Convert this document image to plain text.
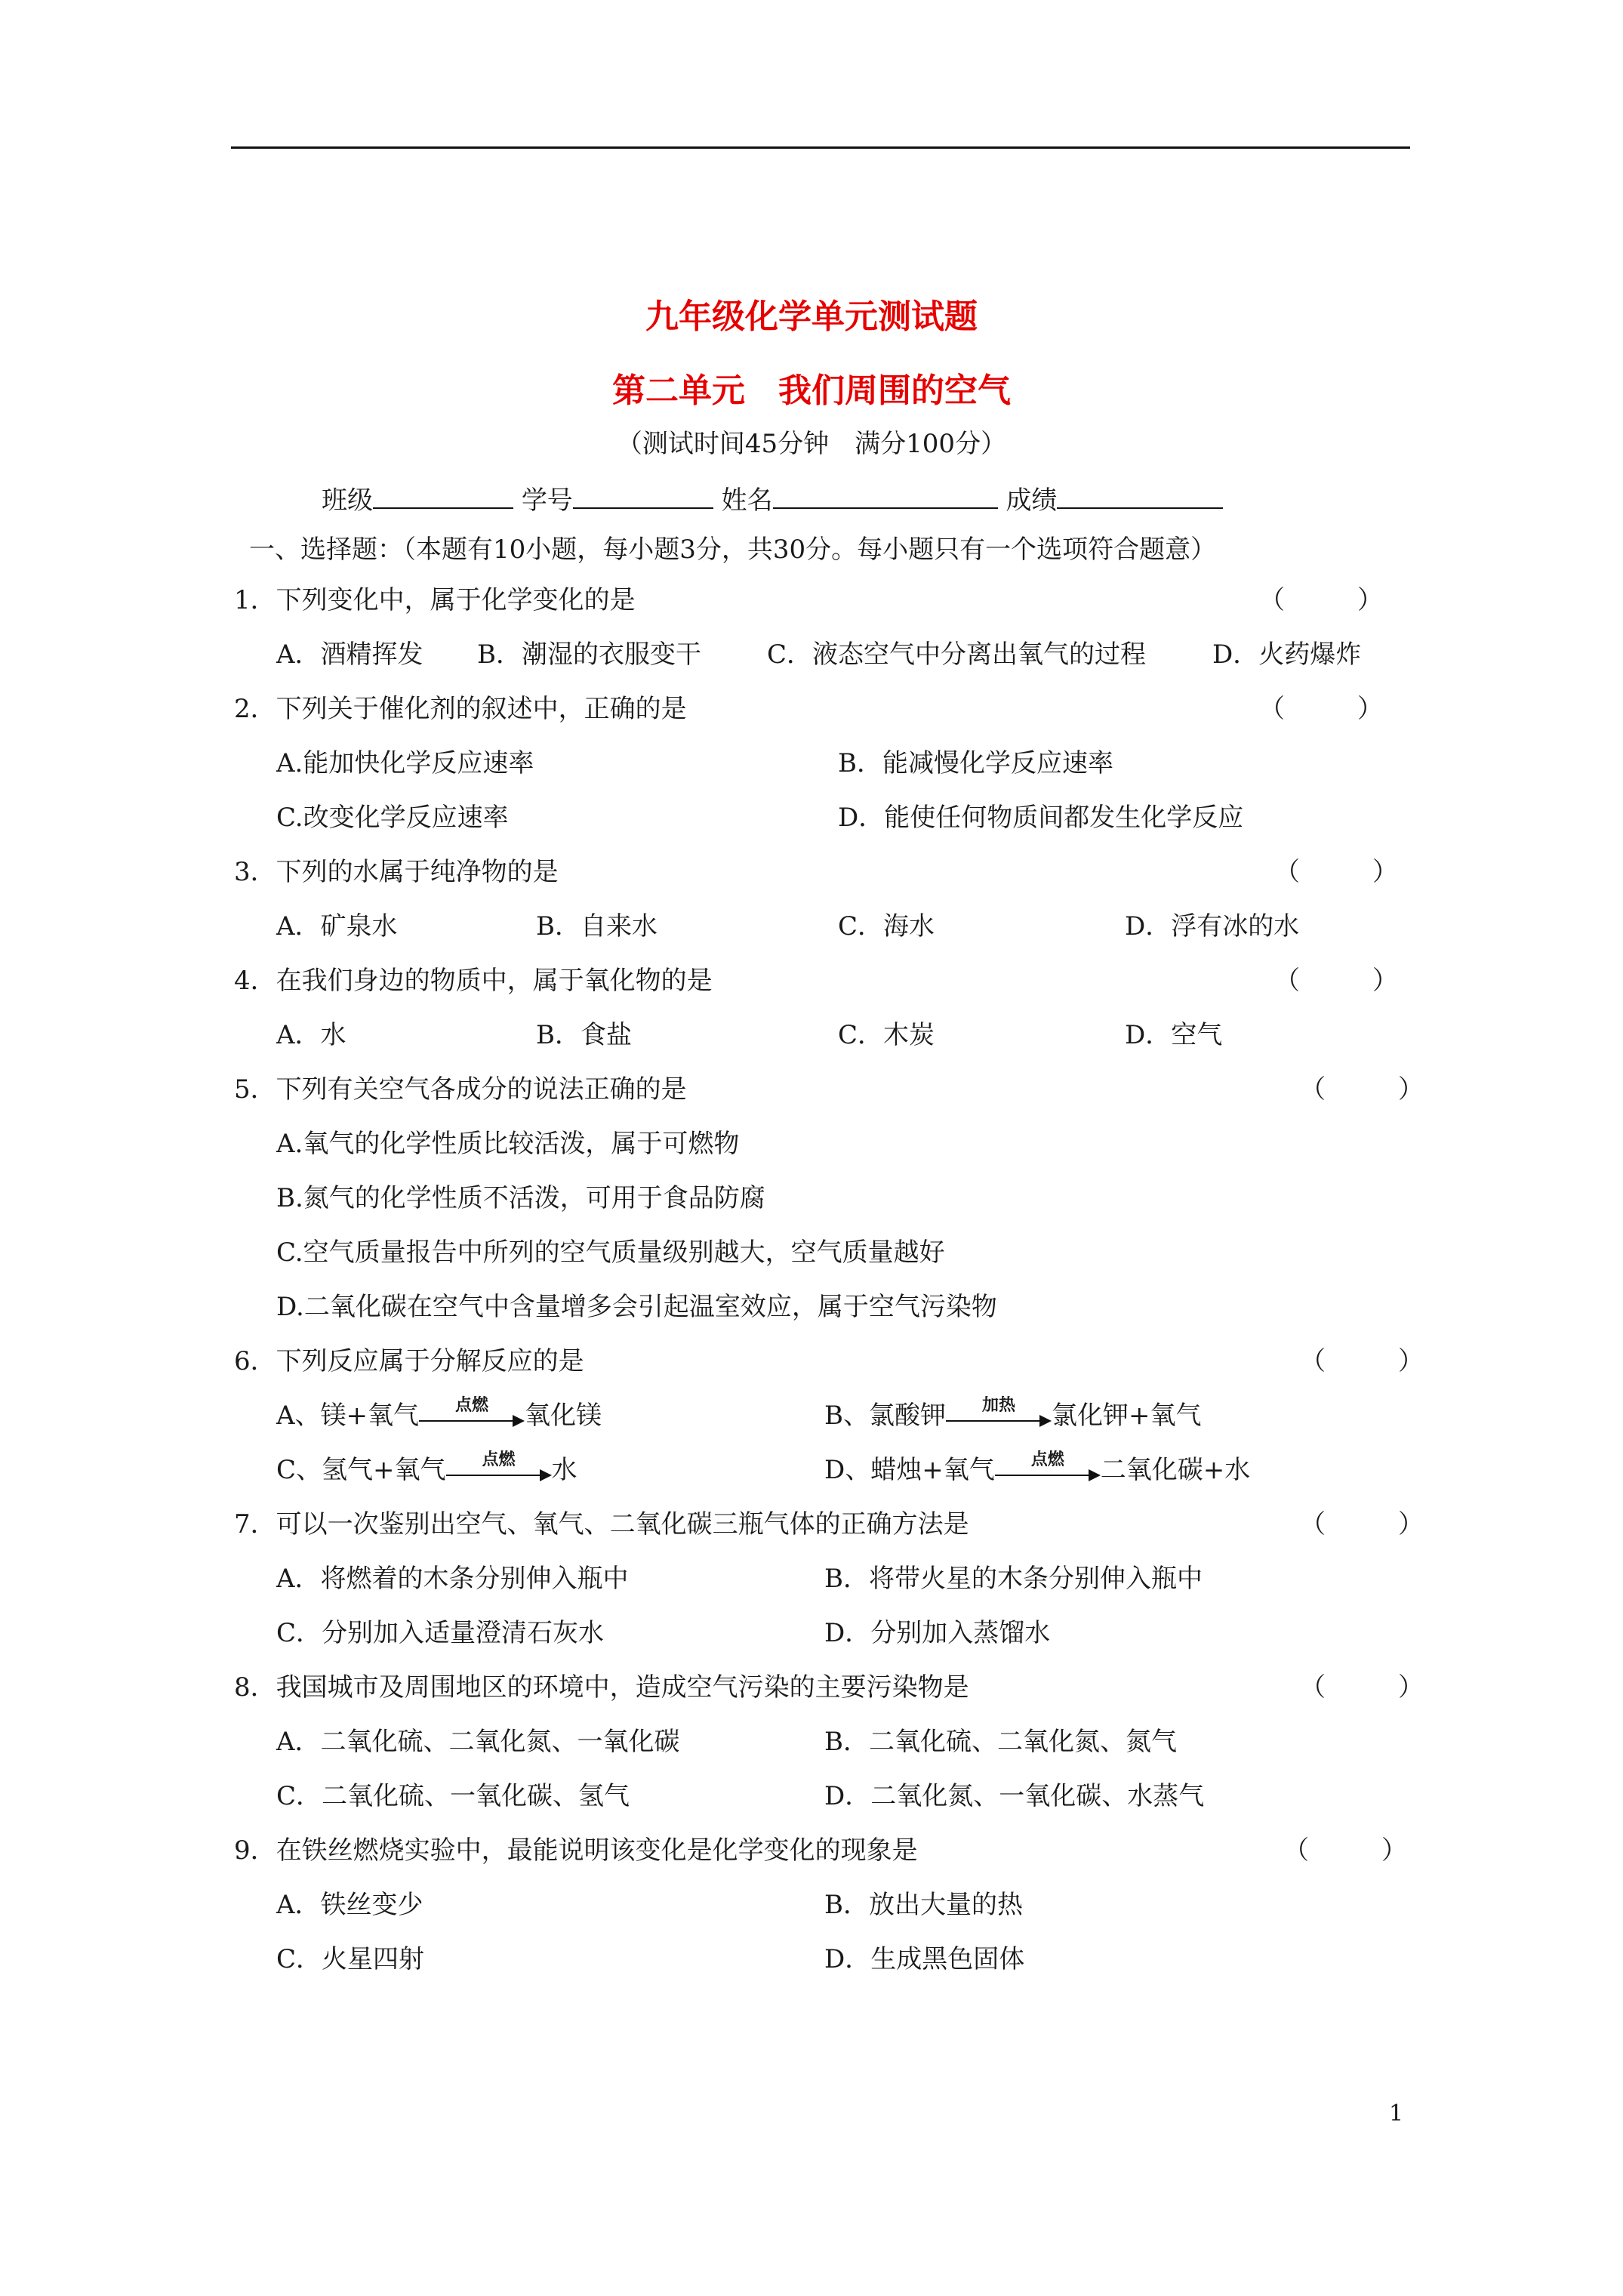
九年级化学单元测试题
第二单元　我们周围的空气
（测试时间45分钟　满分100分）
班级	学号	姓名	成绩
一、选择题：（本题有10小题，每小题3分，共30分。每小题只有一个选项符合题意）
1．下列变化中，属于化学变化的是	（	）
A．酒精挥发 B．潮湿的衣服变干	C．液态空气中分离出氧气的过程	D．火药爆炸
2．下列关于催化剂的叙述中，正确的是	（	）
A.能加快化学反应速率	B．能减慢化学反应速率
C.改变化学反应速率	D．能使任何物质间都发生化学反应
3．下列的水属于纯净物的是	（	）
A．矿泉水	B．自来水	C．海水	D．浮有冰的水
4．在我们身边的物质中，属于氧化物的是	（	）
A．水	B．食盐	C．木炭	D．空气
5．下列有关空气各成分的说法正确的是	（	）
A.氧气的化学性质比较活泼，属于可燃物
B.氮气的化学性质不活泼，可用于食品防腐
C.空气质量报告中所列的空气质量级别越大，空气质量越好
D.二氧化碳在空气中含量增多会引起温室效应，属于空气污染物
6．下列反应属于分解反应的是	（	）
A、镁+氧气	点燃	氧化镁	B、氯酸钾	加热	氯化钾+氧气
C、氢气+氧气	点燃	水	D、蜡烛+氧气	点燃	二氧化碳+水
7．可以一次鉴别出空气、氧气、二氧化碳三瓶气体的正确方法是	（	）
A．将燃着的木条分别伸入瓶中	B．将带火星的木条分别伸入瓶中
C．分别加入适量澄清石灰水	D．分别加入蒸馏水
8．我国城市及周围地区的环境中，造成空气污染的主要污染物是	（	）
A．二氧化硫、二氧化氮、一氧化碳	B．二氧化硫、二氧化氮、氮气
C．二氧化硫、一氧化碳、氢气	D．二氧化氮、一氧化碳、水蒸气
9．在铁丝燃烧实验中，最能说明该变化是化学变化的现象是	（	）
A．铁丝变少	B．放出大量的热
C．火星四射	D．生成黑色固体
1
